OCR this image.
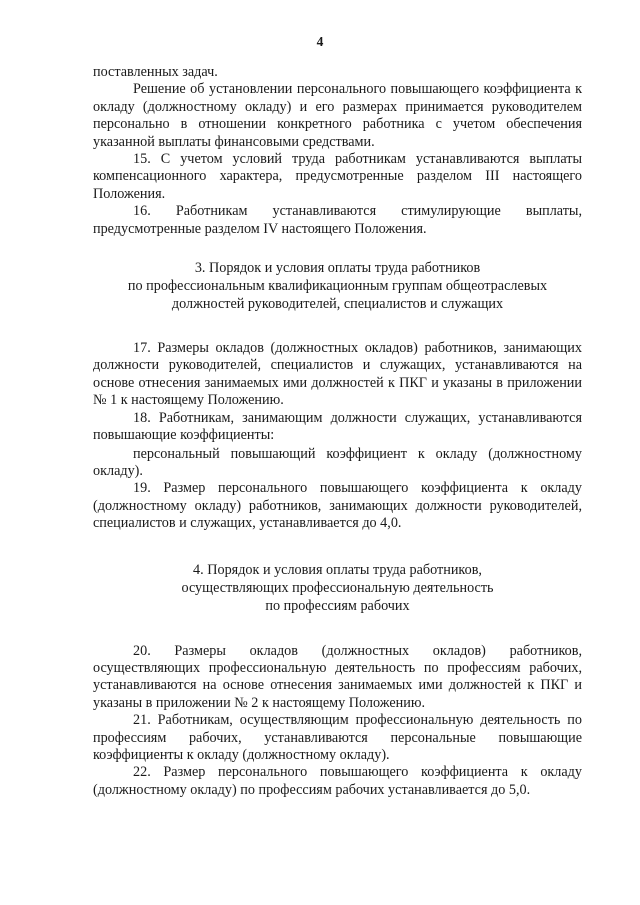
4

поставленных задач.

Решение об установлении персонального повышающего коэффициента к окладу (должностному окладу) и его размерах принимается руководителем персонально в отношении конкретного работника с учетом обеспечения указанной выплаты финансовыми средствами.

15. С учетом условий труда работникам устанавливаются выплаты компенсационного характера, предусмотренные разделом III настоящего Положения.

16. Работникам устанавливаются стимулирующие выплаты, предусмотренные разделом IV настоящего Положения.

3. Порядок и условия оплаты труда работников
по профессиональным квалификационным группам общеотраслевых
должностей руководителей, специалистов и служащих

17. Размеры окладов (должностных окладов) работников, занимающих должности руководителей, специалистов и служащих, устанавливаются на основе отнесения занимаемых ими должностей к ПКГ и указаны в приложении № 1 к настоящему Положению.

18. Работникам, занимающим должности служащих, устанавливаются повышающие коэффициенты:

персональный повышающий коэффициент к окладу (должностному окладу).

19. Размер персонального повышающего коэффициента к окладу (должностному окладу) работников, занимающих должности руководителей, специалистов и служащих, устанавливается до 4,0.

4. Порядок и условия оплаты труда работников,
осуществляющих профессиональную деятельность
по профессиям рабочих

20. Размеры окладов (должностных окладов) работников, осуществляющих профессиональную деятельность по профессиям рабочих, устанавливаются на основе отнесения занимаемых ими должностей к ПКГ и указаны в приложении № 2 к настоящему Положению.

21. Работникам, осуществляющим профессиональную деятельность по профессиям рабочих, устанавливаются персональные повышающие коэффициенты к окладу (должностному окладу).

22. Размер персонального повышающего коэффициента к окладу (должностному окладу) по профессиям рабочих устанавливается до 5,0.
